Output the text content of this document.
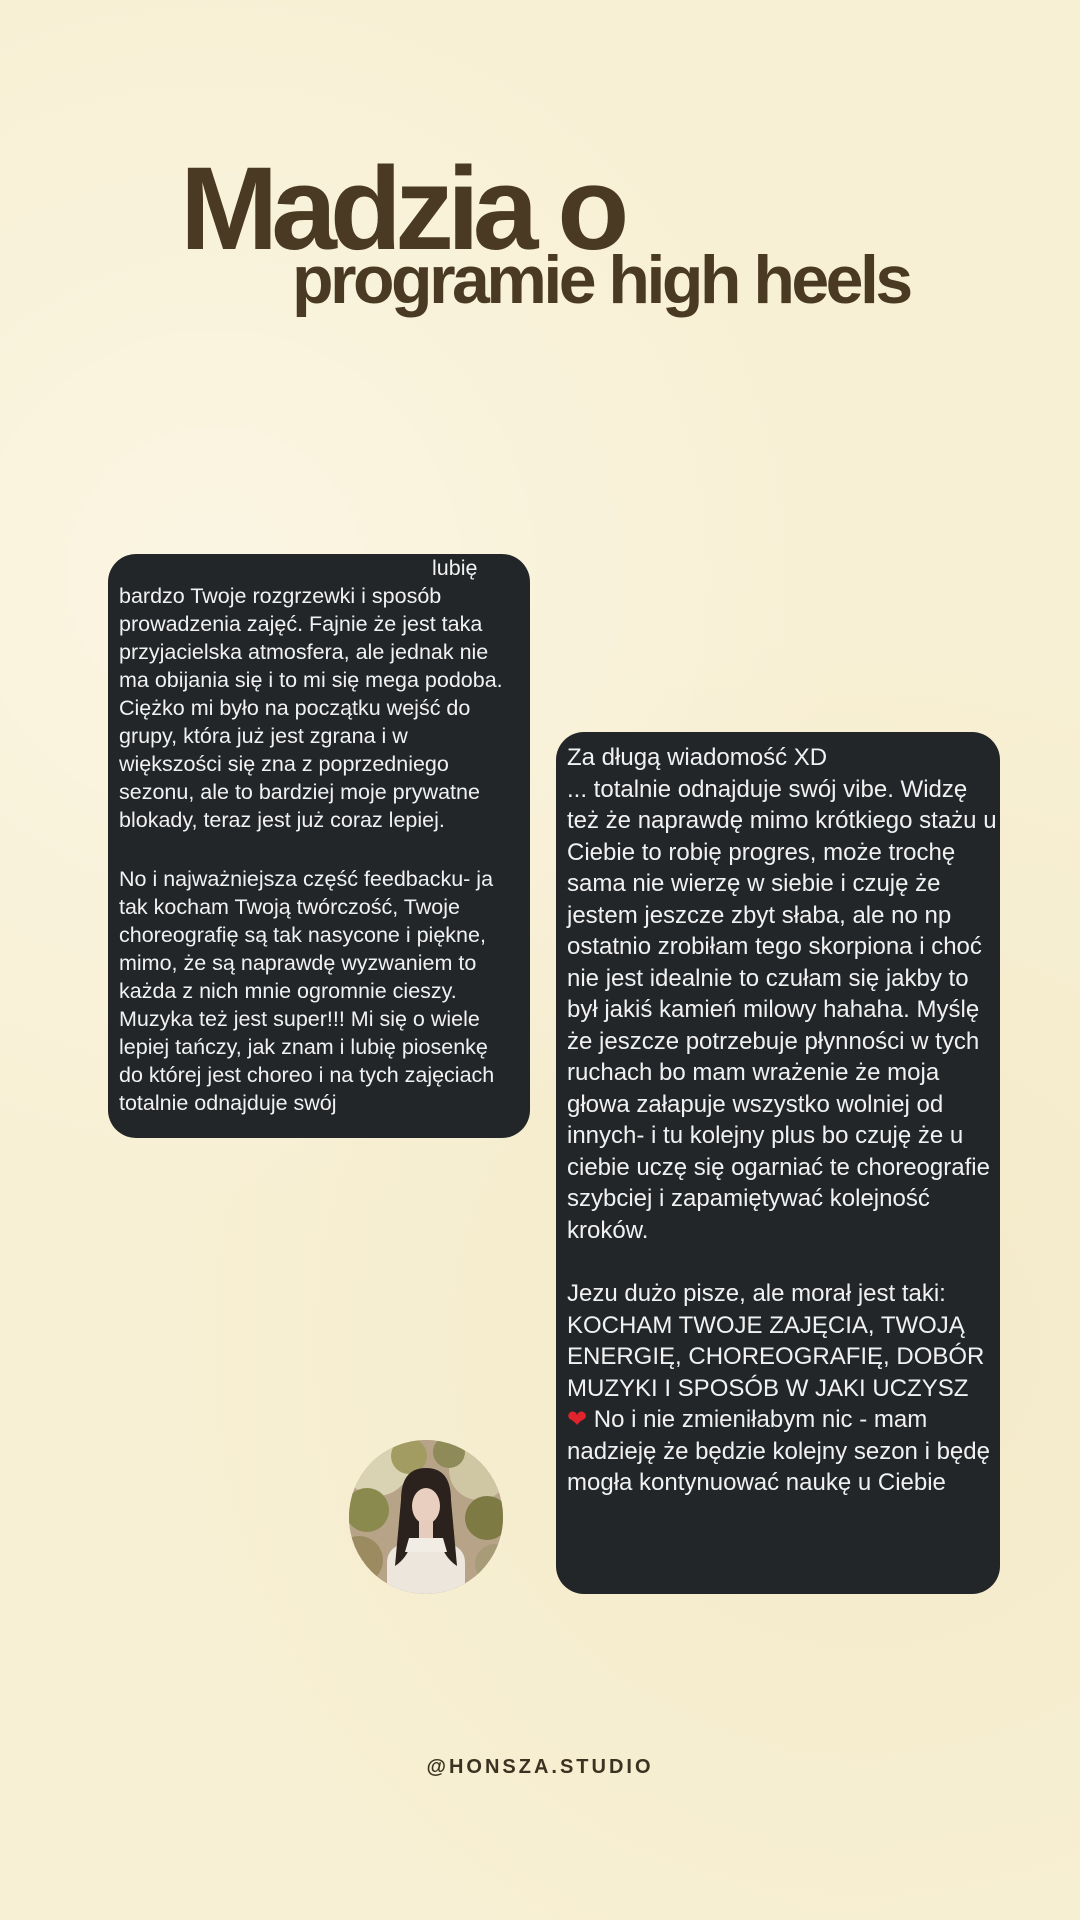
Madzia o
programie high heels

lubię bardzo Twoje rozgrzewki i sposób prowadzenia zajęć. Fajnie że jest taka przyjacielska atmosfera, ale jednak nie ma obijania się i to mi się mega podoba. Ciężko mi było na początku wejść do grupy, która już jest zgrana i w większości się zna z poprzedniego sezonu, ale to bardziej moje prywatne blokady, teraz jest już coraz lepiej.

No i najważniejsza część feedbacku- ja tak kocham Twoją twórczość, Twoje choreografię są tak nasycone i piękne, mimo, że są naprawdę wyzwaniem to każda z nich mnie ogromnie cieszy. Muzyka też jest super!!! Mi się o wiele lepiej tańczy, jak znam i lubię piosenkę do której jest choreo i na tych zajęciach totalnie odnajduje swój

Za długą wiadomość XD

... totalnie odnajduje swój vibe. Widzę też że naprawdę mimo krótkiego stażu u Ciebie to robię progres, może trochę sama nie wierzę w siebie i czuję że jestem jeszcze zbyt słaba, ale no np ostatnio zrobiłam tego skorpiona i choć nie jest idealnie to czułam się jakby to był jakiś kamień milowy hahaha. Myślę że jeszcze potrzebuje płynności w tych ruchach bo mam wrażenie że moja głowa załapuje wszystko wolniej od innych- i tu kolejny plus bo czuję że u ciebie uczę się ogarniać te choreografie szybciej i zapamiętywać kolejność kroków.

Jezu dużo pisze, ale morał jest taki: KOCHAM TWOJE ZAJĘCIA, TWOJĄ ENERGIĘ, CHOREOGRAFIĘ, DOBÓR MUZYKI I SPOSÓB W JAKI UCZYSZ
❤ No i nie zmieniłabym nic - mam nadzieję że będzie kolejny sezon i będę mogła kontynuować naukę u Ciebie

@HONSZA.STUDIO
